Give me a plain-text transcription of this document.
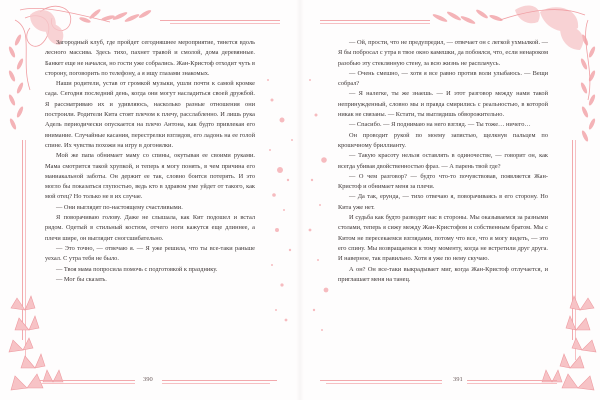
Загородный клуб, где пройдет сегодняшнее мероприятие, тянется вдоль лесного массива. Здесь тихо, пахнет травой и смолой, дома деревянные. Банкет еще не начался, но гости уже собрались. Жан-Кристоф отходит чуть в сторону, поговорить по телефону, а я ищу глазами знакомых.

Наши родители, устав от громкой музыки, ушли почти к самой кромке сада. Сегодня последний день, когда они могут насладиться своей дружбой. Я рассматриваю их и удивляюсь, насколько разные отношения они построили. Родители Кита стоят плечом к плечу, расслабленно. И лишь рука Адель периодически опускается на плечо Антона, как будто привлекая его внимание. Случайные касания, перестрелки взглядов, его ладонь на ее голой спине. Их чувства похожи на игру в догонялки.

Мой же папа обнимает маму со спины, окутывая ее своими руками. Мама смотрится такой хрупкой, и теперь я могу понять, в чем причина его маниакальной заботы. Он держит ее так, словно боится потерять. И это могло бы показаться глупостью, ведь кто в здравом уме уйдет от такого, как мой отец? Но только не в их случае.

— Они выглядят по-настоящему счастливыми.

Я поворачиваю голову. Даже не слышала, как Кит подошел и встал рядом. Одетый в стильный костюм, отчего ноги кажутся еще длиннее, а плечи шире, он выглядит сногсшибательно.

— Это точно, — отвечаю я. — Я уже решила, что ты все-таки раньше уехал. С утра тебя не было.

— Твоя мама попросила помочь с подготовкой к празднику.

— Мог бы сказать.

390

— Ой, прости, что не предупредил, — отвечает он с легкой ухмылкой. — Я бы побросал с утра в твое окно камешки, да побоялся, что, если ненароком разобью эту стеклянную стену, за всю жизнь не расплачусь.

— Очень смешно, — хотя я все равно против воли улыбаюсь. — Вещи собрал?

— Я налегке, ты же знаешь. — И этот разговор между нами такой непринужденный, словно мы и правда смирились с реальностью, в которой никак не связаны. — Кстати, ты выглядишь обворожительно.

— Спасибо. — Я поднимаю на него взгляд. — Ты тоже… ничего…

Он проводит рукой по моему запястью, щелкнув пальцем по крошечному бриллианту.

— Такую красоту нельзя оставлять в одиночестве, — говорит он, как всегда убивая двойственностью фраз. — А парень твой где?

— О чем разговор? — будто что-то почувствовав, появляется Жан-Кристоф и обнимает меня за плечи.

— Да так, ерунда, — тихо отвечаю я, поворачиваясь в его сторону. Но Кита уже нет.

И судьба как будто разводит нас в стороны. Мы оказываемся за разными столами, теперь я сижу между Жан-Кристофом и собственным братом. Мы с Китом не пересекаемся взглядами, потому что все, что я могу видеть, — это его спину. Мы возвращаемся к тому моменту, когда не встретили друг друга. И наверное, так правильно. Хотя я уже по нему скучаю.

А он? Он все-таки выкрадывает миг, когда Жан-Кристоф отлучается, и приглашает меня на танец.

391
